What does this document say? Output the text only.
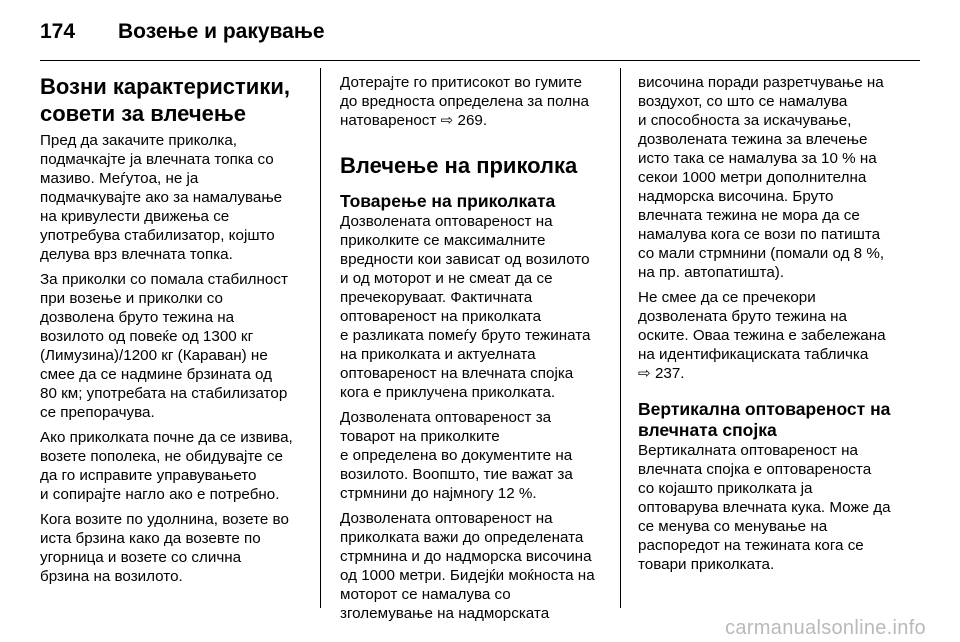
174 Возење и ракување
Возни карактеристики,
совети за влечење

Пред да закачите приколка,
подмачкајте ја влечната топка со
мазиво. Меѓутоа, не ја
подмачкувајте ако за намалување
на кривулести движења се
употребува стабилизатор, којшто
делува врз влечната топка.

За приколки со помала стабилност
при возење и приколки со
дозволена бруто тежина на
возилото од повеќе од 1300 кг
(Лимузина)/1200 кг (Караван) не
смее да се надмине брзината од
80 км; употребата на стабилизатор
се препорачува.

Ако приколката почне да се извива,
возете пополека, не обидувајте се
да го исправите управувањето
и сопирајте нагло ако е потребно.

Кога возите по удолнина, возете во
иста брзина како да возевте по
угорница и возете со слична
брзина на возилото.

Дотерајте го притисокот во гумите
до вредноста определена за полна
натовареност ⇨ 269.

Влечење на приколка
Товарење на приколката

Дозволената оптовареност на
приколките се максималните
вредности кои зависат од возилото
и од моторот и не смеат да се
пречекоруваат. Фактичната
оптовареност на приколката
е разликата помеѓу бруто тежината
на приколката и актуелната
оптовареност на влечната спојка
кога е приклучена приколката.

Дозволената оптовареност за
товарот на приколките
е определена во документите на
возилото. Воопшто, тие важат за
стрмнини до најмногу 12 %.

Дозволената оптовареност на
приколката важи до определената
стрмнина и до надморска височина
од 1000 метри. Бидејќи моќноста на
моторот се намалува со
зголемување на надморската

височина поради разретчување на
воздухот, со што се намалува
и способноста за искачување,
дозволената тежина за влечење
исто така се намалува за 10 % на
секои 1000 метри дополнителна
надморска височина. Бруто
влечната тежина не мора да се
намалува кога се вози по патишта
со мали стрмнини (помали од 8 %,
на пр. автопатишта).

Не смее да се пречекори
дозволената бруто тежина на
оските. Оваа тежина е забележана
на идентификациската табличка
⇨ 237.

Вертикална оптовареност на
влечната спојка

Вертикалната оптовареност на
влечната спојка е оптовареноста
со којашто приколката ја
оптоварува влечната кука. Може да
се менува со менување на
распоредот на тежината кога се
товари приколката.

carmanualsonline.info
